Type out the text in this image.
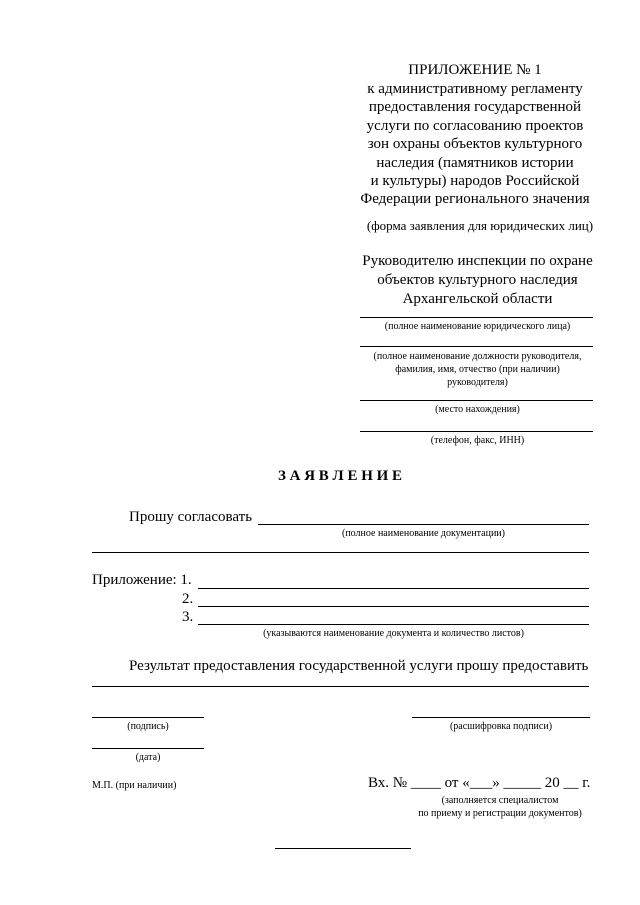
ПРИЛОЖЕНИЕ № 1
к административному регламенту
предоставления государственной
услуги по согласованию проектов
зон охраны объектов культурного
наследия (памятников истории
и культуры) народов Российской
Федерации регионального значения
(форма заявления для юридических лиц)
Руководителю инспекции по охране
объектов культурного наследия
Архангельской области
(полное наименование юридического лица)
(полное наименование должности руководителя,
фамилия, имя, отчество (при наличии)
руководителя)
(место нахождения)
(телефон, факс, ИНН)
З А Я В Л Е Н И Е
Прошу согласовать
(полное наименование документации)
Приложение: 1.
2.
3.
(указываются наименование документа и количество листов)
Результат предоставления государственной услуги прошу предоставить
(подпись)	(расшифровка подписи)
(дата)
М.П. (при наличии)	Вх. № ____ от «___» _____ 20 __ г.
(заполняется специалистом
по приему и регистрации документов)
